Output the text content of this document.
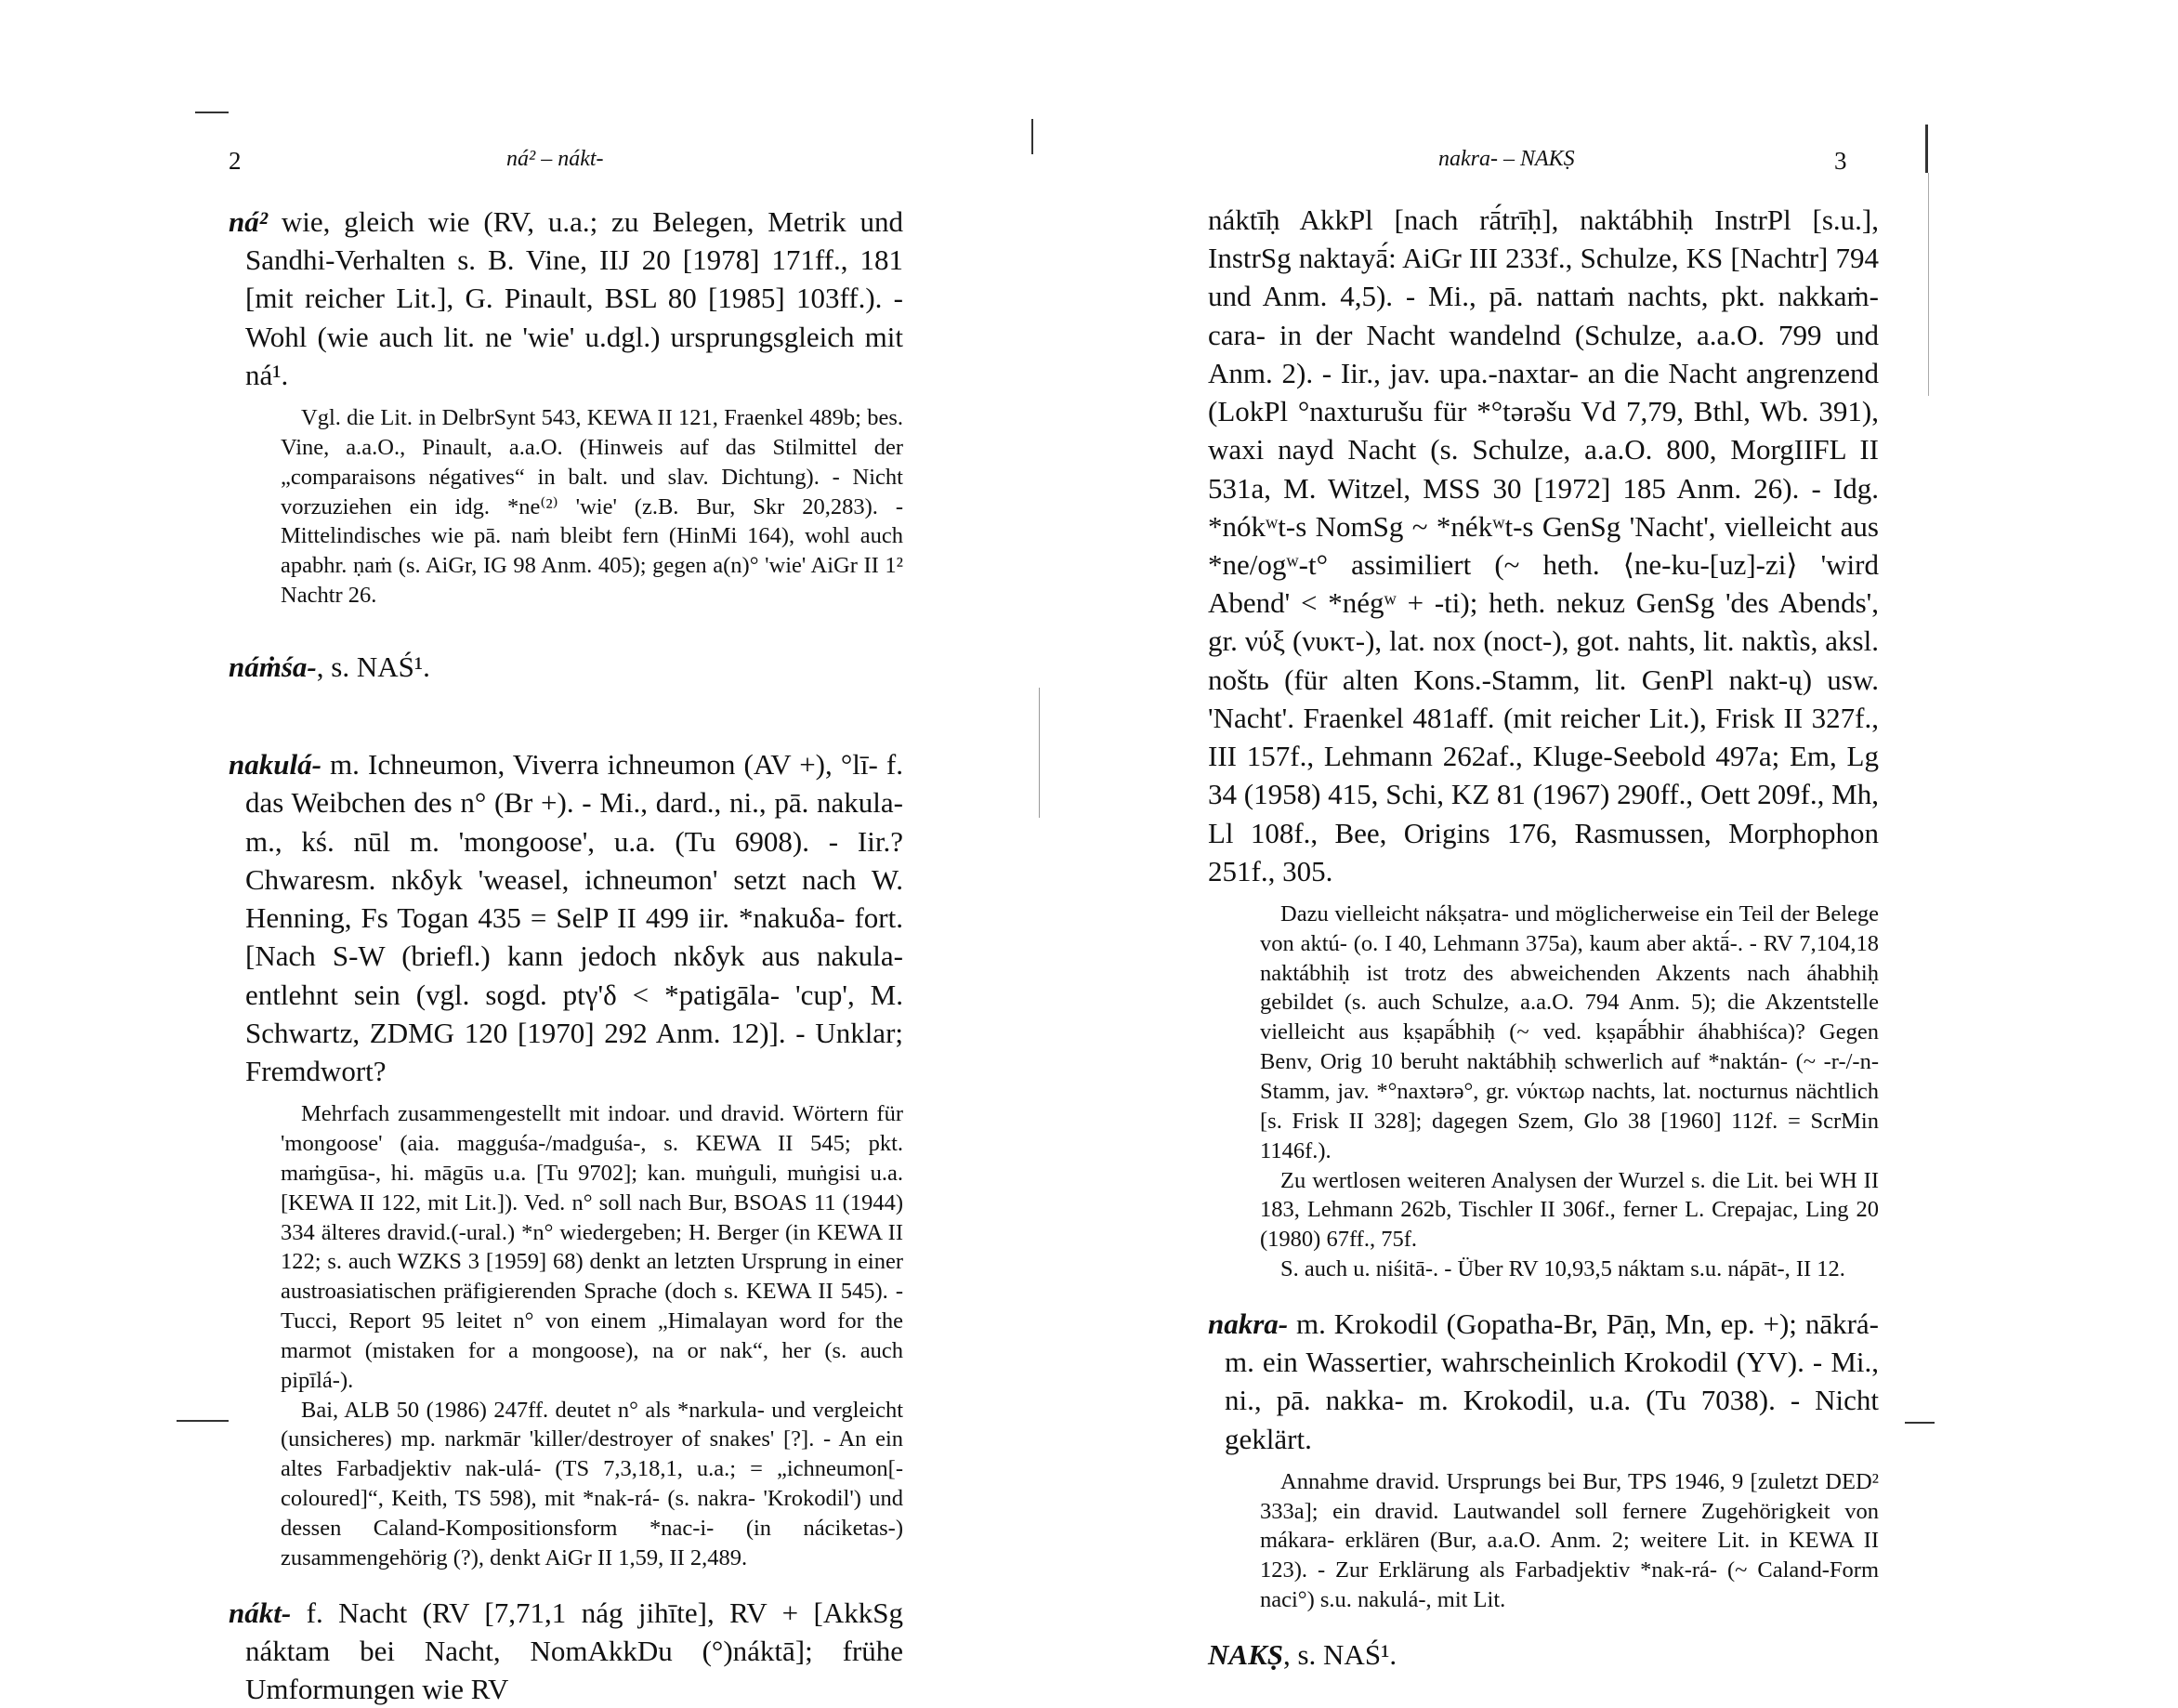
2	ná² – nákt-

ná² wie, gleich wie (RV, u.a.; zu Belegen, Metrik und Sandhi-Verhalten s. B. Vine, IIJ 20 [1978] 171ff., 181 [mit reicher Lit.], G. Pinault, BSL 80 [1985] 103ff.). - Wohl (wie auch lit. ne 'wie' u.dgl.) ursprungsgleich mit ná¹.

Vgl. die Lit. in DelbrSynt 543, KEWA II 121, Fraenkel 489b; bes. Vine, a.a.O., Pinault, a.a.O. (Hinweis auf das Stilmittel der „comparaisons négatives“ in balt. und slav. Dichtung). - Nicht vorzuziehen ein idg. *ne⁽²⁾ 'wie' (z.B. Bur, Skr 20,283). - Mittelindisches wie pā. naṁ bleibt fern (HinMi 164), wohl auch apabhr. ṇaṁ (s. AiGr, IG 98 Anm. 405); gegen a(n)° 'wie' AiGr II 1² Nachtr 26.

náṁśa-, s. NAŚ¹.

nakulá- m. Ichneumon, Viverra ichneumon (AV +), °lī- f. das Weibchen des n° (Br +). - Mi., dard., ni., pā. nakula- m., kś. nūl m. 'mongoose', u.a. (Tu 6908). - Iir.? Chwaresm. nkδyk 'weasel, ichneumon' setzt nach W. Henning, Fs Togan 435 = SelP II 499 iir. *nakuδa- fort. [Nach S-W (briefl.) kann jedoch nkδyk aus nakula- entlehnt sein (vgl. sogd. ptγ'δ < *patigāla- 'cup', M. Schwartz, ZDMG 120 [1970] 292 Anm. 12)]. - Unklar; Fremdwort?

Mehrfach zusammengestellt mit indoar. und dravid. Wörtern für 'mongoose' (aia. magguśa-/madguśa-, s. KEWA II 545; pkt. maṁgūsa-, hi. māgūs u.a. [Tu 9702]; kan. muṅguli, muṅgisi u.a. [KEWA II 122, mit Lit.]). Ved. n° soll nach Bur, BSOAS 11 (1944) 334 älteres dravid.(-ural.) *n° wiedergeben; H. Berger (in KEWA II 122; s. auch WZKS 3 [1959] 68) denkt an letzten Ursprung in einer austroasiatischen präfigierenden Sprache (doch s. KEWA II 545). - Tucci, Report 95 leitet n° von einem „Himalayan word for the marmot (mistaken for a mongoose), na or nak“, her (s. auch pipīlá-).

Bai, ALB 50 (1986) 247ff. deutet n° als *narkula- und vergleicht (unsicheres) mp. narkmār 'killer/destroyer of snakes' [?]. - An ein altes Farbadjektiv nak-ulá- (TS 7,3,18,1, u.a.; = „ichneumon[-coloured]“, Keith, TS 598), mit *nak-rá- (s. nakra- 'Krokodil') und dessen Caland-Kompositionsform *nac-i- (in náciketas-) zusammengehörig (?), denkt AiGr II 1,59, II 2,489.

nákt- f. Nacht (RV [7,71,1 nág jihīte], RV + [AkkSg náktam bei Nacht, NomAkkDu (°)náktā]; frühe Umformungen wie RV

nakra- – NAKṢ	3

náktīḥ AkkPl [nach rā́trīḥ], naktábhiḥ InstrPl [s.u.], InstrSg naktayā́: AiGr III 233f., Schulze, KS [Nachtr] 794 und Anm. 4,5). - Mi., pā. nattaṁ nachts, pkt. nakkaṁ-cara- in der Nacht wandelnd (Schulze, a.a.O. 799 und Anm. 2). - Iir., jav. upa.-naxtar- an die Nacht angrenzend (LokPl °naxturušu für *°tərəšu Vd 7,79, Bthl, Wb. 391), waxi nayd Nacht (s. Schulze, a.a.O. 800, MorgIIFL II 531a, M. Witzel, MSS 30 [1972] 185 Anm. 26). - Idg. *nókʷt-s NomSg ~ *nékʷt-s GenSg 'Nacht', vielleicht aus *ne/ogʷ-t° assimiliert (~ heth. ⟨ne-ku-[uz]-zi⟩ 'wird Abend' < *négʷ + -ti); heth. nekuz GenSg 'des Abends', gr. νύξ (νυκτ-), lat. nox (noct-), got. nahts, lit. naktìs, aksl. noštь (für alten Kons.-Stamm, lit. GenPl nakt-ų) usw. 'Nacht'. Fraenkel 481aff. (mit reicher Lit.), Frisk II 327f., III 157f., Lehmann 262af., Kluge-Seebold 497a; Em, Lg 34 (1958) 415, Schi, KZ 81 (1967) 290ff., Oett 209f., Mh, Ll 108f., Bee, Origins 176, Rasmussen, Morphophon 251f., 305.

Dazu vielleicht nákṣatra- und möglicherweise ein Teil der Belege von aktú- (o. I 40, Lehmann 375a), kaum aber aktā́-. - RV 7,104,18 naktábhiḥ ist trotz des abweichenden Akzents nach áhabhiḥ gebildet (s. auch Schulze, a.a.O. 794 Anm. 5); die Akzentstelle vielleicht aus kṣapā́bhiḥ (~ ved. kṣapā́bhir áhabhiśca)? Gegen Benv, Orig 10 beruht naktábhiḥ schwerlich auf *naktán- (~ -r-/-n-Stamm, jav. *°naxtərə°, gr. νύκτωρ nachts, lat. nocturnus nächtlich [s. Frisk II 328]; dagegen Szem, Glo 38 [1960] 112f. = ScrMin 1146f.).

Zu wertlosen weiteren Analysen der Wurzel s. die Lit. bei WH II 183, Lehmann 262b, Tischler II 306f., ferner L. Crepajac, Ling 20 (1980) 67ff., 75f.

S. auch u. niśitā-. - Über RV 10,93,5 náktam s.u. nápāt-, II 12.

nakra- m. Krokodil (Gopatha-Br, Pāṇ, Mn, ep. +); nākrá- m. ein Wassertier, wahrscheinlich Krokodil (YV). - Mi., ni., pā. nakka- m. Krokodil, u.a. (Tu 7038). - Nicht geklärt.

Annahme dravid. Ursprungs bei Bur, TPS 1946, 9 [zuletzt DED² 333a]; ein dravid. Lautwandel soll fernere Zugehörigkeit von mákara- erklären (Bur, a.a.O. Anm. 2; weitere Lit. in KEWA II 123). - Zur Erklärung als Farbadjektiv *nak-rá- (~ Caland-Form naci°) s.u. nakulá-, mit Lit.

NAKṢ, s. NAŚ¹.
